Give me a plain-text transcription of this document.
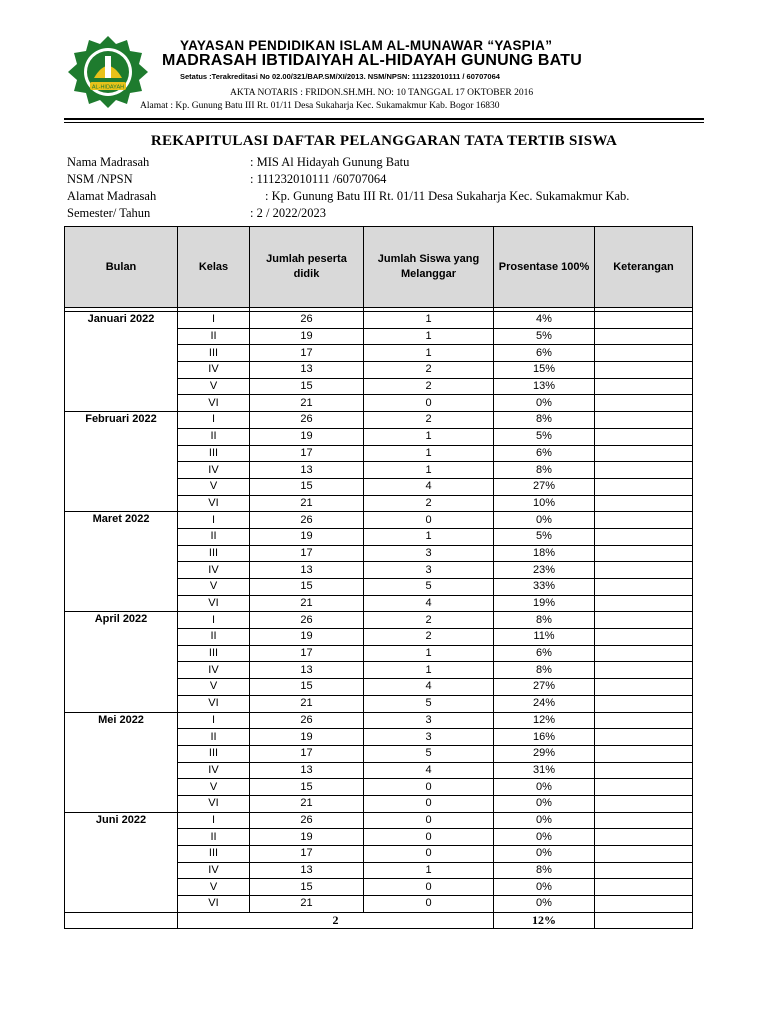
AL-HIDAYAH
YAYASAN PENDIDIKAN ISLAM AL-MUNAWAR “YASPIA”
MADRASAH IBTIDAIYAH AL-HIDAYAH GUNUNG BATU
Setatus :Terakreditasi No 02.00/321/BAP.SM/XI/2013. NSM/NPSN: 111232010111 / 60707064
AKTA NOTARIS : FRIDON.SH.MH. NO: 10 TANGGAL 17 OKTOBER 2016
Alamat : Kp. Gunung Batu III Rt. 01/11 Desa Sukaharja Kec. Sukamakmur Kab. Bogor 16830
REKAPITULASI DAFTAR PELANGGARAN TATA TERTIB SISWA
Nama Madrasah	: MIS Al Hidayah Gunung Batu
NSM /NPSN	: 111232010111 /60707064
Alamat Madrasah	: Kp. Gunung Batu III Rt. 01/11 Desa Sukaharja Kec. Sukamakmur Kab.
Semester/ Tahun	: 2 / 2022/2023
Bulan	Kelas	Jumlah peserta didik	Jumlah Siswa yang Melanggar	Prosentase 100%	Keterangan

Januari 2022	I	26	1	4%	
	II	19	1	5%	
	III	17	1	6%	
	IV	13	2	15%	
	V	15	2	13%	
	VI	21	0	0%	
Februari 2022	I	26	2	8%	
	II	19	1	5%	
	III	17	1	6%	
	IV	13	1	8%	
	V	15	4	27%	
	VI	21	2	10%	
Maret 2022	I	26	0	0%	
	II	19	1	5%	
	III	17	3	18%	
	IV	13	3	23%	
	V	15	5	33%	
	VI	21	4	19%	
April 2022	I	26	2	8%	
	II	19	2	11%	
	III	17	1	6%	
	IV	13	1	8%	
	V	15	4	27%	
	VI	21	5	24%	
Mei 2022	I	26	3	12%	
	II	19	3	16%	
	III	17	5	29%	
	IV	13	4	31%	
	V	15	0	0%	
	VI	21	0	0%	
Juni 2022	I	26	0	0%	
	II	19	0	0%	
	III	17	0	0%	
	IV	13	1	8%	
	V	15	0	0%	
	VI	21	0	0%	
	2			12%	
